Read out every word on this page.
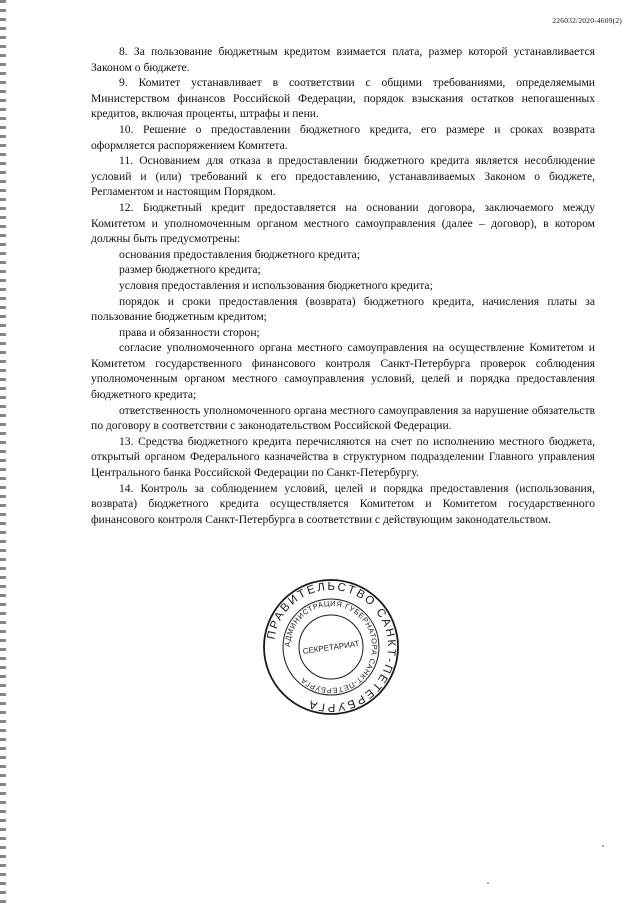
226032/2020-4609(2)

8. За пользование бюджетным кредитом взимается плата, размер которой устанавливается Законом о бюджете.

9. Комитет устанавливает в соответствии с общими требованиями, определяемыми Министерством финансов Российской Федерации, порядок взыскания остатков непогашенных кредитов, включая проценты, штрафы и пени.

10. Решение о предоставлении бюджетного кредита, его размере и сроках возврата оформляется распоряжением Комитета.

11. Основанием для отказа в предоставлении бюджетного кредита является несоблюдение условий и (или) требований к его предоставлению, устанавливаемых Законом о бюджете, Регламентом и настоящим Порядком.

12. Бюджетный кредит предоставляется на основании договора, заключаемого между Комитетом и уполномоченным органом местного самоуправления (далее – договор), в котором должны быть предусмотрены:

основания предоставления бюджетного кредита;

размер бюджетного кредита;

условия предоставления и использования бюджетного кредита;

порядок и сроки предоставления (возврата) бюджетного кредита, начисления платы за пользование бюджетным кредитом;

права и обязанности сторон;

согласие уполномоченного органа местного самоуправления на осуществление Комитетом и Комитетом государственного финансового контроля Санкт-Петербурга проверок соблюдения уполномоченным органом местного самоуправления условий, целей и порядка предоставления бюджетного кредита;

ответственность уполномоченного органа местного самоуправления за нарушение обязательств по договору в соответствии с законодательством Российской Федерации.

13. Средства бюджетного кредита перечисляются на счет по исполнению местного бюджета, открытый органом Федерального казначейства в структурном подразделении Главного управления Центрального банка Российской Федерации по Санкт-Петербургу.

14. Контроль за соблюдением условий, целей и порядка предоставления (использования, возврата) бюджетного кредита осуществляется Комитетом и Комитетом государственного финансового контроля Санкт-Петербурга в соответствии с действующим законодательством.

ПРАВИТЕЛЬСТВО САНКТ-ПЕТЕРБУРГА
АДМИНИСТРАЦИЯ ГУБЕРНАТОРА САНКТ-ПЕТЕРБУРГА
СЕКРЕТАРИАТ
